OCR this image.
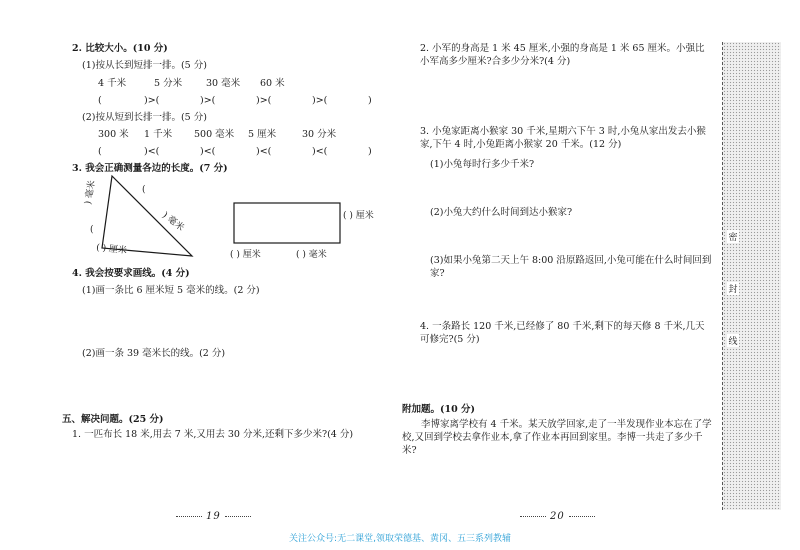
2. 比较大小。(10 分)
(1)按从长到短排一排。(5 分)
4 千米	5 分米	30 毫米	60 米
(	)>(	)>(	)>(	)>(	)
(2)按从短到长排一排。(5 分)
300 米	1 千米	500 毫米	5 厘米	30 分米
(	)<(	)<(	)<(	)<(	)
3. 我会正确测量各边的长度。(7 分)
) 毫米
(
(
) 毫米
( ) 厘米
( ) 厘米
( ) 厘米	( ) 毫米
4. 我会按要求画线。(4 分)
(1)画一条比 6 厘米短 5 毫米的线。(2 分)
(2)画一条 39 毫米长的线。(2 分)
五、解决问题。(25 分)
1. 一匹布长 18 米,用去 7 米,又用去 30 分米,还剩下多少米?(4 分)
19
2. 小军的身高是 1 米 45 厘米,小强的身高是 1 米 65 厘米。小强比小军高多少厘米?合多少分米?(4 分)
3. 小兔家距离小猴家 30 千米,星期六下午 3 时,小兔从家出发去小猴家,下午 4 时,小兔距离小猴家 20 千米。(12 分)
(1)小兔每时行多少千米?
(2)小兔大约什么时间到达小猴家?
(3)如果小兔第二天上午 8:00 沿原路返回,小兔可能在什么时间回到家?
4. 一条路长 120 千米,已经修了 80 千米,剩下的每天修 8 千米,几天可修完?(5 分)
附加题。(10 分)
李博家离学校有 4 千米。某天放学回家,走了一半发现作业本忘在了学校,又回到学校去拿作业本,拿了作业本再回到家里。李博一共走了多少千米?
20
密
封
线
关注公众号:无二课堂,领取荣德基、黄冈、五三系列教辅
